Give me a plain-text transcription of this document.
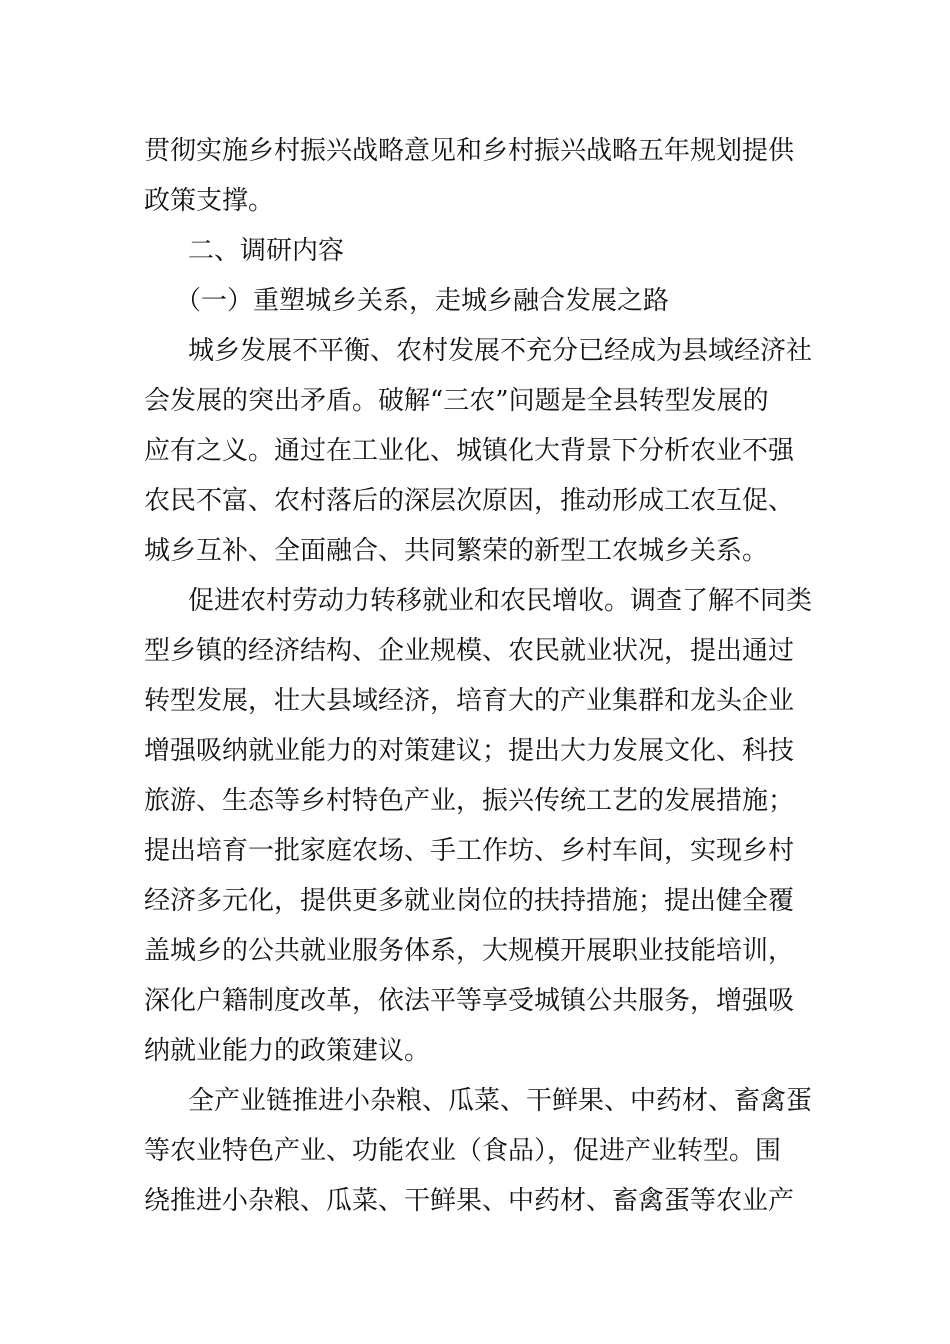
贯彻实施乡村振兴战略意见和乡村振兴战略五年规划提供
政策支撑。
二、调研内容
（一）重塑城乡关系，走城乡融合发展之路
城乡发展不平衡、农村发展不充分已经成为县域经济社
会发展的突出矛盾。破解“三农”问题是全县转型发展的
应有之义。通过在工业化、城镇化大背景下分析农业不强
农民不富、农村落后的深层次原因，推动形成工农互促、
城乡互补、全面融合、共同繁荣的新型工农城乡关系。
促进农村劳动力转移就业和农民增收。调查了解不同类
型乡镇的经济结构、企业规模、农民就业状况，提出通过
转型发展，壮大县域经济，培育大的产业集群和龙头企业
增强吸纳就业能力的对策建议；提出大力发展文化、科技
旅游、生态等乡村特色产业，振兴传统工艺的发展措施；
提出培育一批家庭农场、手工作坊、乡村车间，实现乡村
经济多元化，提供更多就业岗位的扶持措施；提出健全覆
盖城乡的公共就业服务体系，大规模开展职业技能培训，
深化户籍制度改革，依法平等享受城镇公共服务，增强吸
纳就业能力的政策建议。
全产业链推进小杂粮、瓜菜、干鲜果、中药材、畜禽蛋
等农业特色产业、功能农业（食品），促进产业转型。围
绕推进小杂粮、瓜菜、干鲜果、中药材、畜禽蛋等农业产
